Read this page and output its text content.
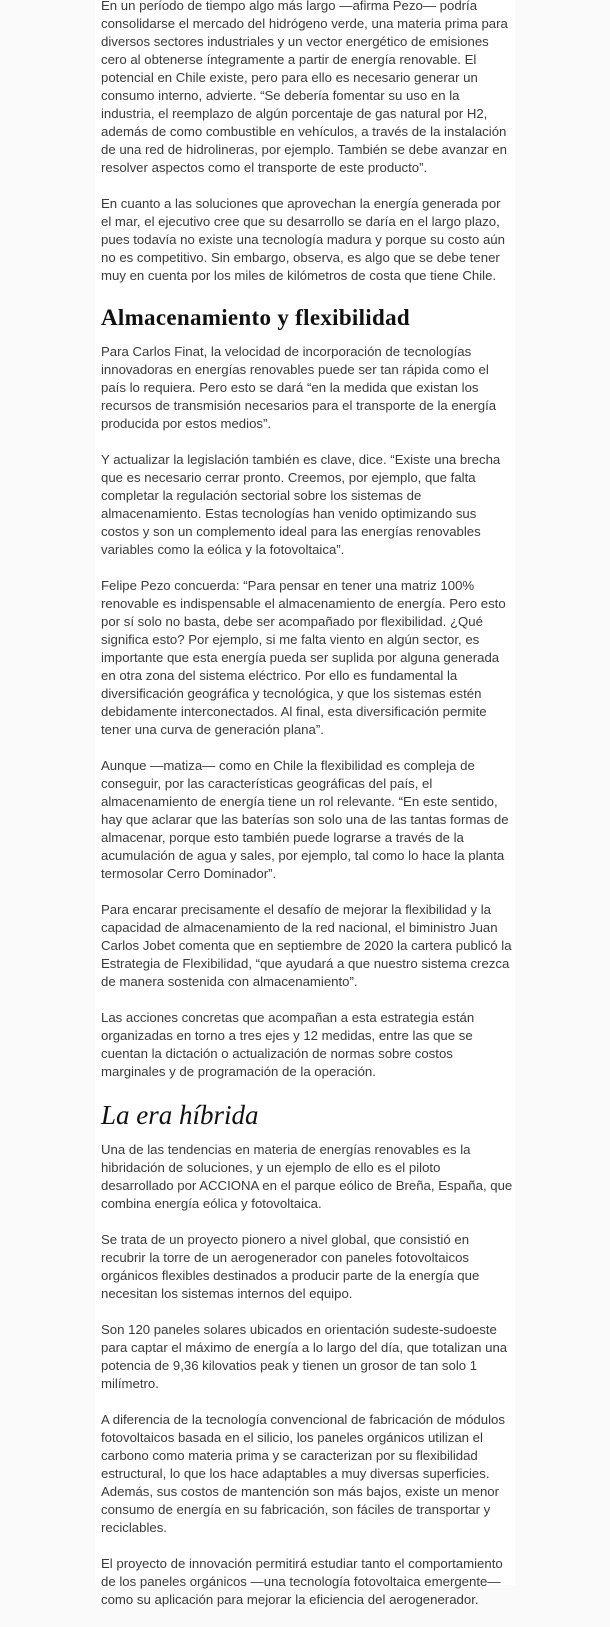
En un período de tiempo algo más largo —afirma Pezo— podría consolidarse el mercado del hidrógeno verde, una materia prima para diversos sectores industriales y un vector energético de emisiones cero al obtenerse íntegramente a partir de energía renovable. El potencial en Chile existe, pero para ello es necesario generar un consumo interno, advierte. “Se debería fomentar su uso en la industria, el reemplazo de algún porcentaje de gas natural por H2, además de como combustible en vehículos, a través de la instalación de una red de hidrolineras, por ejemplo. También se debe avanzar en resolver aspectos como el transporte de este producto”.

En cuanto a las soluciones que aprovechan la energía generada por el mar, el ejecutivo cree que su desarrollo se daría en el largo plazo, pues todavía no existe una tecnología madura y porque su costo aún no es competitivo. Sin embargo, observa, es algo que se debe tener muy en cuenta por los miles de kilómetros de costa que tiene Chile.

Almacenamiento y flexibilidad

Para Carlos Finat, la velocidad de incorporación de tecnologías innovadoras en energías renovables puede ser tan rápida como el país lo requiera. Pero esto se dará “en la medida que existan los recursos de transmisión necesarios para el transporte de la energía producida por estos medios”.

Y actualizar la legislación también es clave, dice. “Existe una brecha que es necesario cerrar pronto. Creemos, por ejemplo, que falta completar la regulación sectorial sobre los sistemas de almacenamiento. Estas tecnologías han venido optimizando sus costos y son un complemento ideal para las energías renovables variables como la eólica y la fotovoltaica”.

Felipe Pezo concuerda: “Para pensar en tener una matriz 100% renovable es indispensable el almacenamiento de energía. Pero esto por sí solo no basta, debe ser acompañado por flexibilidad. ¿Qué significa esto? Por ejemplo, si me falta viento en algún sector, es importante que esta energía pueda ser suplida por alguna generada en otra zona del sistema eléctrico. Por ello es fundamental la diversificación geográfica y tecnológica, y que los sistemas estén debidamente interconectados. Al final, esta diversificación permite tener una curva de generación plana”.

Aunque —matiza— como en Chile la flexibilidad es compleja de conseguir, por las características geográficas del país, el almacenamiento de energía tiene un rol relevante. “En este sentido, hay que aclarar que las baterías son solo una de las tantas formas de almacenar, porque esto también puede lograrse a través de la acumulación de agua y sales, por ejemplo, tal como lo hace la planta termosolar Cerro Dominador”.

Para encarar precisamente el desafío de mejorar la flexibilidad y la capacidad de almacenamiento de la red nacional, el biministro Juan Carlos Jobet comenta que en septiembre de 2020 la cartera publicó la Estrategia de Flexibilidad, “que ayudará a que nuestro sistema crezca de manera sostenida con almacenamiento”.

Las acciones concretas que acompañan a esta estrategia están organizadas en torno a tres ejes y 12 medidas, entre las que se cuentan la dictación o actualización de normas sobre costos marginales y de programación de la operación.

La era híbrida

Una de las tendencias en materia de energías renovables es la hibridación de soluciones, y un ejemplo de ello es el piloto desarrollado por ACCIONA en el parque eólico de Breña, España, que combina energía eólica y fotovoltaica.

Se trata de un proyecto pionero a nivel global, que consistió en recubrir la torre de un aerogenerador con paneles fotovoltaicos orgánicos flexibles destinados a producir parte de la energía que necesitan los sistemas internos del equipo.

Son 120 paneles solares ubicados en orientación sudeste-sudoeste para captar el máximo de energía a lo largo del día, que totalizan una potencia de 9,36 kilovatios peak y tienen un grosor de tan solo 1 milímetro.

A diferencia de la tecnología convencional de fabricación de módulos fotovoltaicos basada en el silicio, los paneles orgánicos utilizan el carbono como materia prima y se caracterizan por su flexibilidad estructural, lo que los hace adaptables a muy diversas superficies. Además, sus costos de mantención son más bajos, existe un menor consumo de energía en su fabricación, son fáciles de transportar y reciclables.

El proyecto de innovación permitirá estudiar tanto el comportamiento de los paneles orgánicos —una tecnología fotovoltaica emergente— como su aplicación para mejorar la eficiencia del aerogenerador.
